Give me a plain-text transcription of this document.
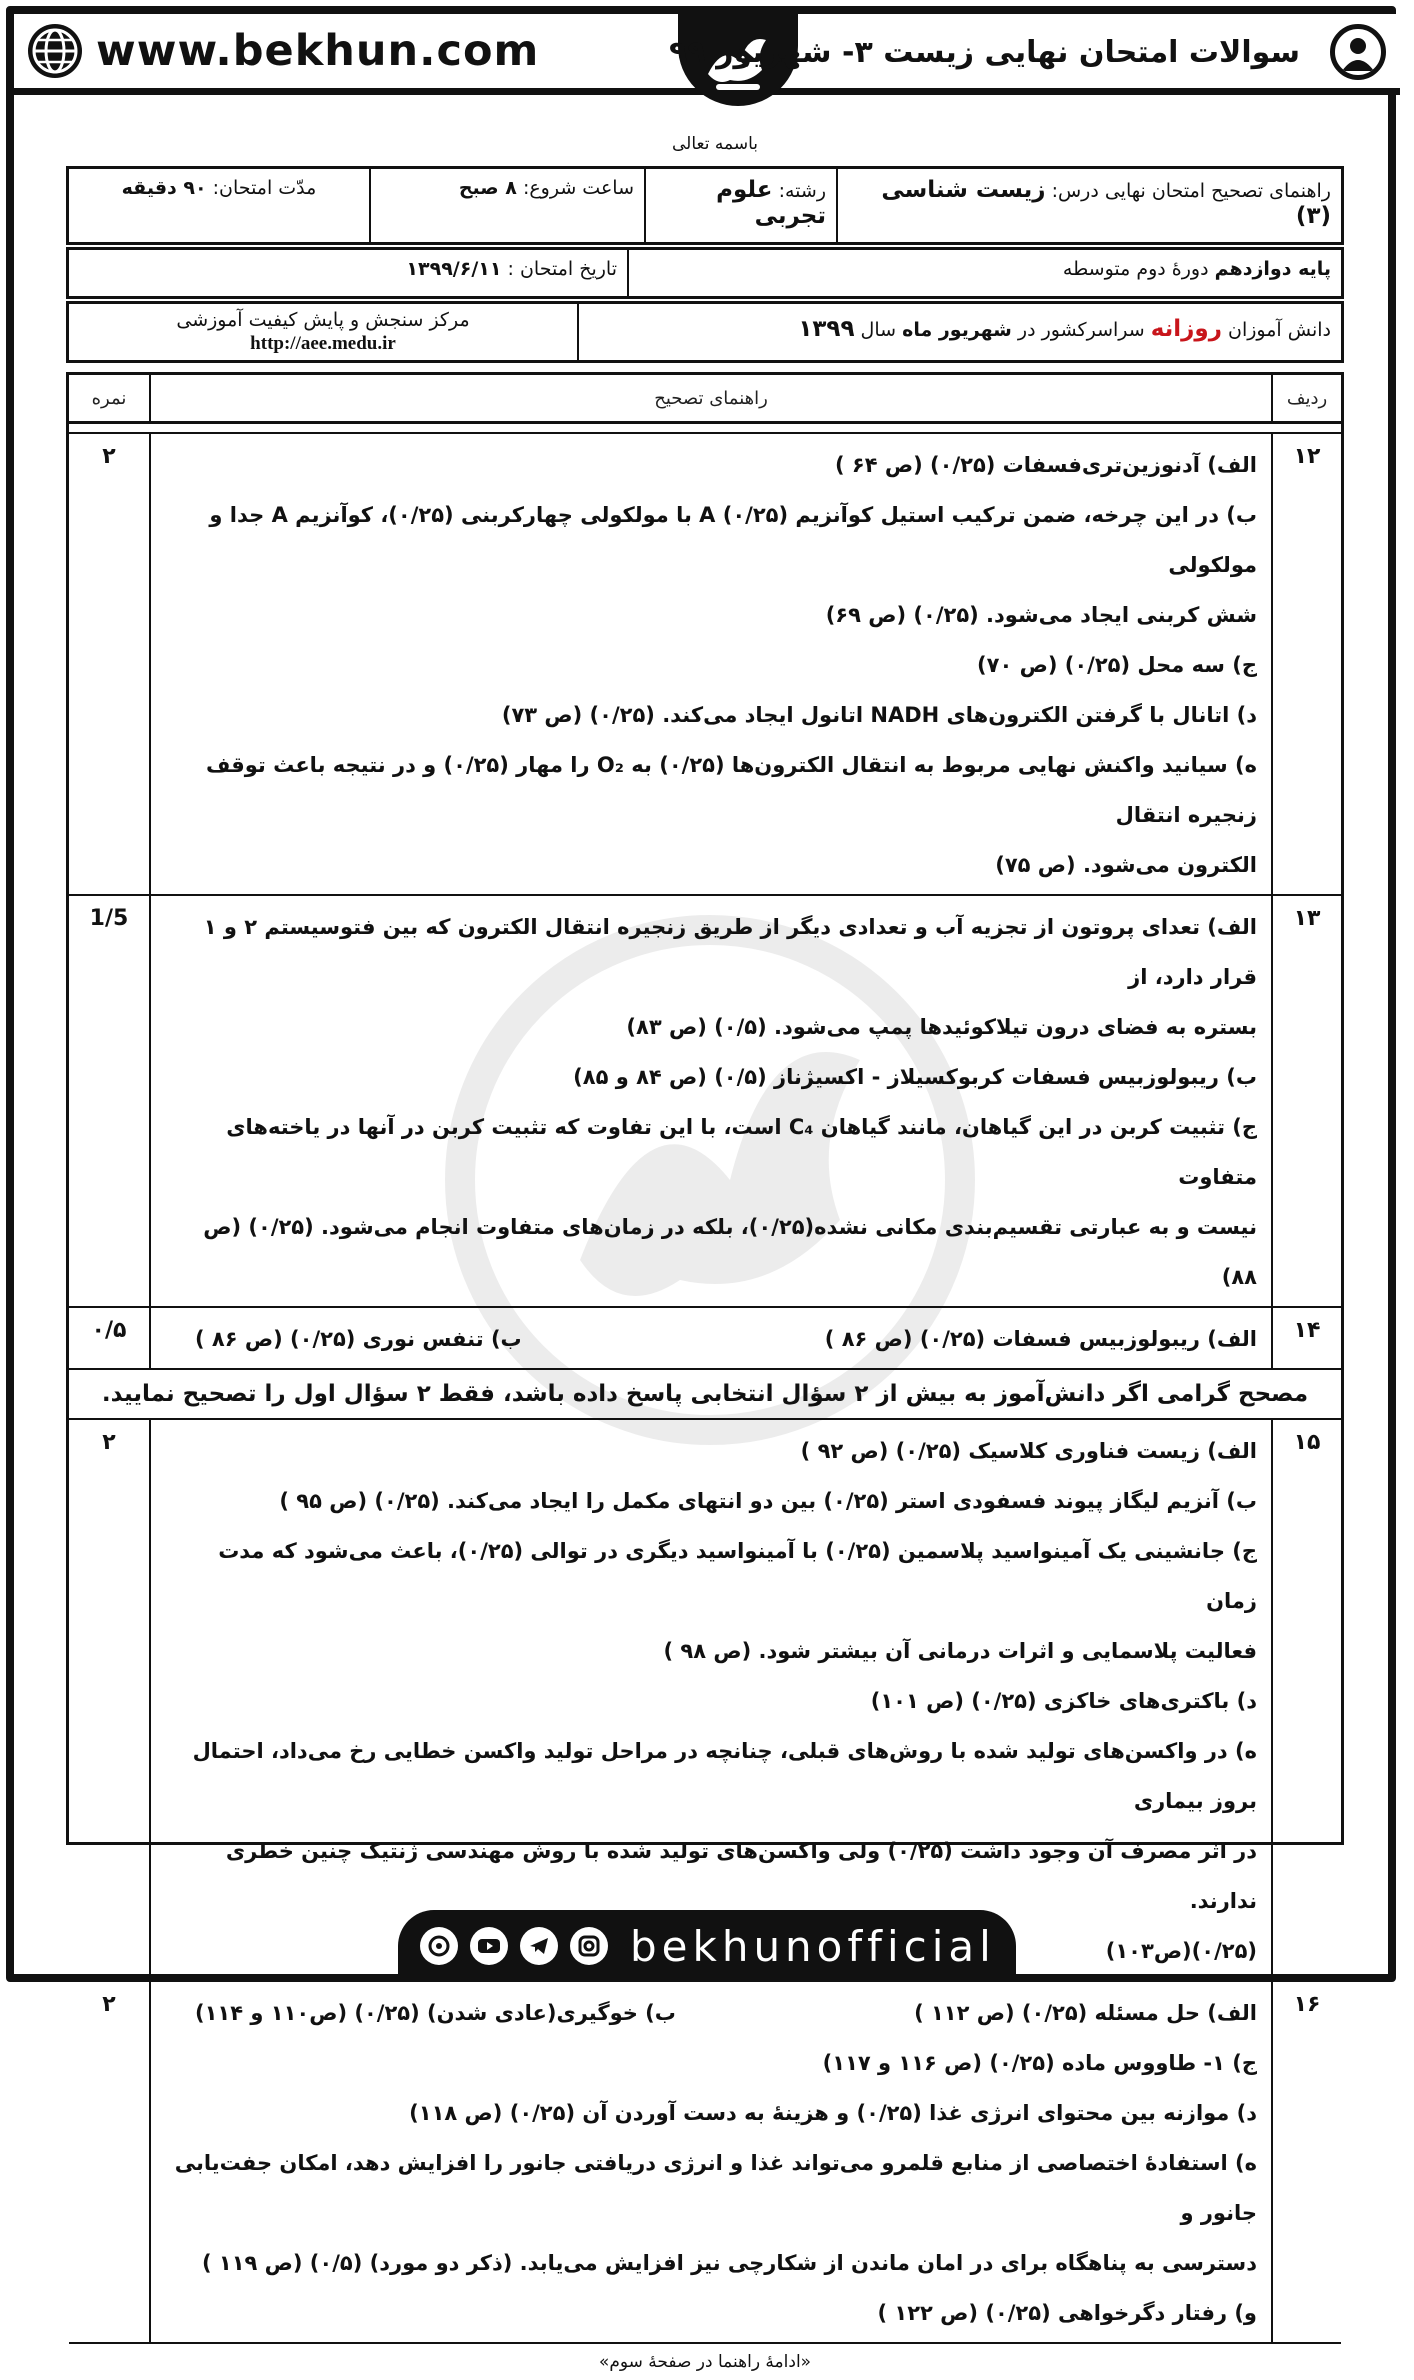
www.bekhun.com	سوالات امتحان نهایی زیست ۳- شهریور ۹۹
باسمه تعالی
راهنمای تصحیح امتحان نهایی درس: زیست شناسی (۳)
رشته: علوم تجربی
ساعت شروع: ۸ صبح
مدّت امتحان: ۹۰ دقیقه
پایه دوازدهم دورهٔ دوم متوسطه
تاریخ امتحان : ۱۳۹۹/۶/۱۱
دانش آموزان روزانه سراسرکشور در شهریور ماه سال ۱۳۹۹
مرکز سنجش و پایش کیفیت آموزشی
http://aee.medu.ir
ردیف
راهنمای تصحیح
نمره
۱۲

الف) آدنوزین‌تری‌فسفات (۰/۲۵) (ص ۶۴ )

ب) در این چرخه، ضمن ترکیب استیل کوآنزیم A (۰/۲۵) با مولکولی چهارکربنی (۰/۲۵)، کوآنزیم A جدا و مولکولی

شش کربنی ایجاد می‌شود. (۰/۲۵) (ص ۶۹)

ج) سه محل (۰/۲۵) (ص ۷۰)

د) اتانال با گرفتن الکترون‌های NADH اتانول ایجاد می‌کند. (۰/۲۵) (ص ۷۳)

ه) سیانید واکنش نهایی مربوط به انتقال الکترون‌ها (۰/۲۵) به O₂ را مهار (۰/۲۵) و در نتیجه باعث توقف زنجیره انتقال

الکترون می‌شود. (ص ۷۵)

۲
۱۳

الف) تعدای پروتون از تجزیه آب و تعدادی دیگر از طریق زنجیره انتقال الکترون که بین فتوسیستم ۲ و ۱ قرار دارد، از

بستره به فضای درون تیلاکوئیدها پمپ می‌شود. (۰/۵) (ص ۸۳)

ب) ریبولوزبیس فسفات کربوکسیلاز - اکسیژناز (۰/۵) (ص ۸۴ و ۸۵)

ج) تثبیت کربن در این گیاهان، مانند گیاهان C₄ است، با این تفاوت که تثبیت کربن در آنها در یاخته‌های متفاوت

نیست و به عبارتی تقسیم‌بندی مکانی نشده(۰/۲۵)، بلکه در زمان‌های متفاوت انجام می‌شود. (۰/۲۵) (ص ۸۸)

1/5
۱۴

الف) ریبولوزبیس فسفات (۰/۲۵) (ص ۸۶ )
ب) تنفس نوری (۰/۲۵) (ص ۸۶ )

۰/۵
مصحح گرامی اگر دانش‌آموز به بیش از ۲ سؤال انتخابی پاسخ داده باشد، فقط ۲ سؤال اول را تصحیح نمایید.
۱۵

الف) زیست فناوری کلاسیک (۰/۲۵) (ص ۹۲ )

ب) آنزیم لیگاز پیوند فسفودی استر (۰/۲۵) بین دو انتهای مکمل را ایجاد می‌کند. (۰/۲۵) (ص ۹۵ )

ج) جانشینی یک آمینواسید پلاسمین (۰/۲۵) با آمینواسید دیگری در توالی (۰/۲۵)، باعث می‌شود که مدت زمان

فعالیت پلاسمایی و اثرات درمانی آن بیشتر شود. (ص ۹۸ )

د) باکتری‌های خاکزی (۰/۲۵) (ص ۱۰۱)

ه) در واکسن‌های تولید شده با روش‌های قبلی، چنانچه در مراحل تولید واکسن خطایی رخ می‌داد، احتمال بروز بیماری

در اثر مصرف آن وجود داشت (۰/۲۵) ولی واکسن‌های تولید شده با روش مهندسی ژنتیک چنین خطری ندارند.

(۰/۲۵)(ص۱۰۳)

۲
۱۶

الف) حل مسئله (۰/۲۵) (ص ۱۱۲ )
ب) خوگیری(عادی شدن) (۰/۲۵) (ص۱۱۰ و ۱۱۴)

ج) ۱- طاووس ماده (۰/۲۵) (ص ۱۱۶ و ۱۱۷)

د) موازنه بین محتوای انرژی غذا (۰/۲۵) و هزینهٔ به دست آوردن آن (۰/۲۵) (ص ۱۱۸)

ه) استفادهٔ اختصاصی از منابع قلمرو می‌تواند غذا و انرژی دریافتی جانور را افزایش دهد، امکان جفت‌یابی جانور و

دسترسی به پناهگاه برای در امان ماندن از شکارچی نیز افزایش می‌یابد. (ذکر دو مورد) (۰/۵) (ص ۱۱۹ )

و) رفتار دگرخواهی (۰/۲۵) (ص ۱۲۲ )

۲
«ادامهٔ راهنما در صفحهٔ سوم»
bekhunofficial
